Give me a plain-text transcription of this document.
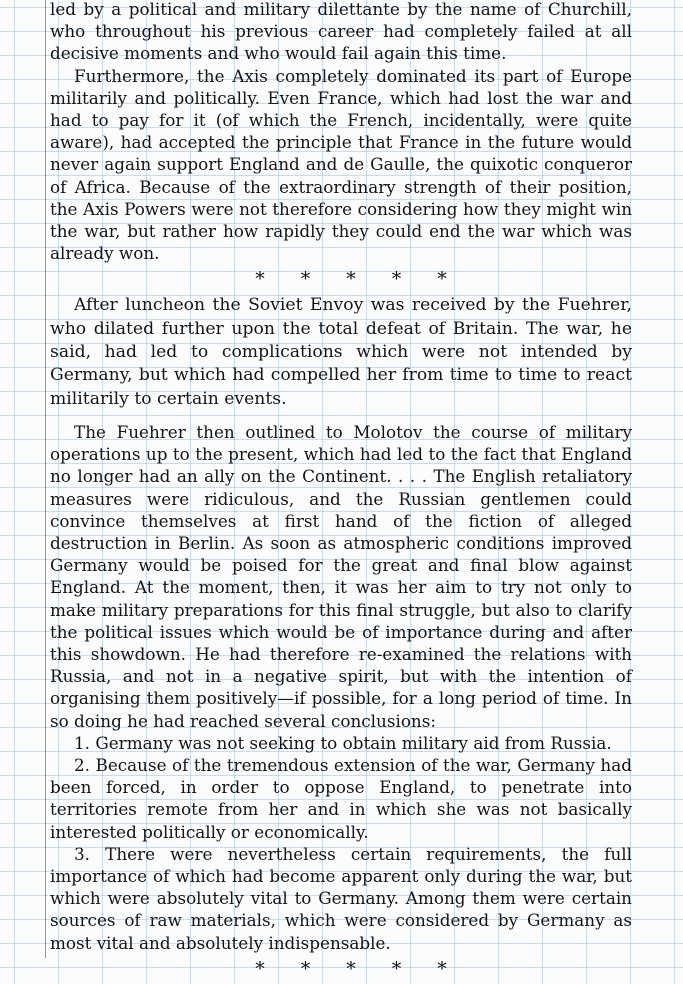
led by a political and military dilettante by the name of Churchill, who throughout his previous career had completely failed at all decisive moments and who would fail again this time.

Furthermore, the Axis completely dominated its part of Europe militarily and politically. Even France, which had lost the war and had to pay for it (of which the French, incidentally, were quite aware), had accepted the principle that France in the future would never again support England and de Gaulle, the quixotic conqueror of Africa. Because of the extraordinary strength of their position, the Axis Powers were not therefore considering how they might win the war, but rather how rapidly they could end the war which was already won.

* * * * *

After luncheon the Soviet Envoy was received by the Fuehrer, who dilated further upon the total defeat of Britain. The war, he said, had led to complications which were not intended by Germany, but which had compelled her from time to time to react militarily to certain events.

The Fuehrer then outlined to Molotov the course of military operations up to the present, which had led to the fact that England no longer had an ally on the Continent. . . . The English retaliatory measures were ridiculous, and the Russian gentlemen could convince themselves at first hand of the fiction of alleged destruction in Berlin. As soon as atmospheric conditions improved Germany would be poised for the great and final blow against England. At the moment, then, it was her aim to try not only to make military preparations for this final struggle, but also to clarify the political issues which would be of importance during and after this showdown. He had therefore re-examined the relations with Russia, and not in a negative spirit, but with the intention of organising them positively—if possible, for a long period of time. In so doing he had reached several conclusions:

1. Germany was not seeking to obtain military aid from Russia.

2. Because of the tremendous extension of the war, Germany had been forced, in order to oppose England, to penetrate into territories remote from her and in which she was not basically interested politically or economically.

3. There were nevertheless certain requirements, the full importance of which had become apparent only during the war, but which were absolutely vital to Germany. Among them were certain sources of raw materials, which were considered by Germany as most vital and absolutely indispensable.

* * * * *
